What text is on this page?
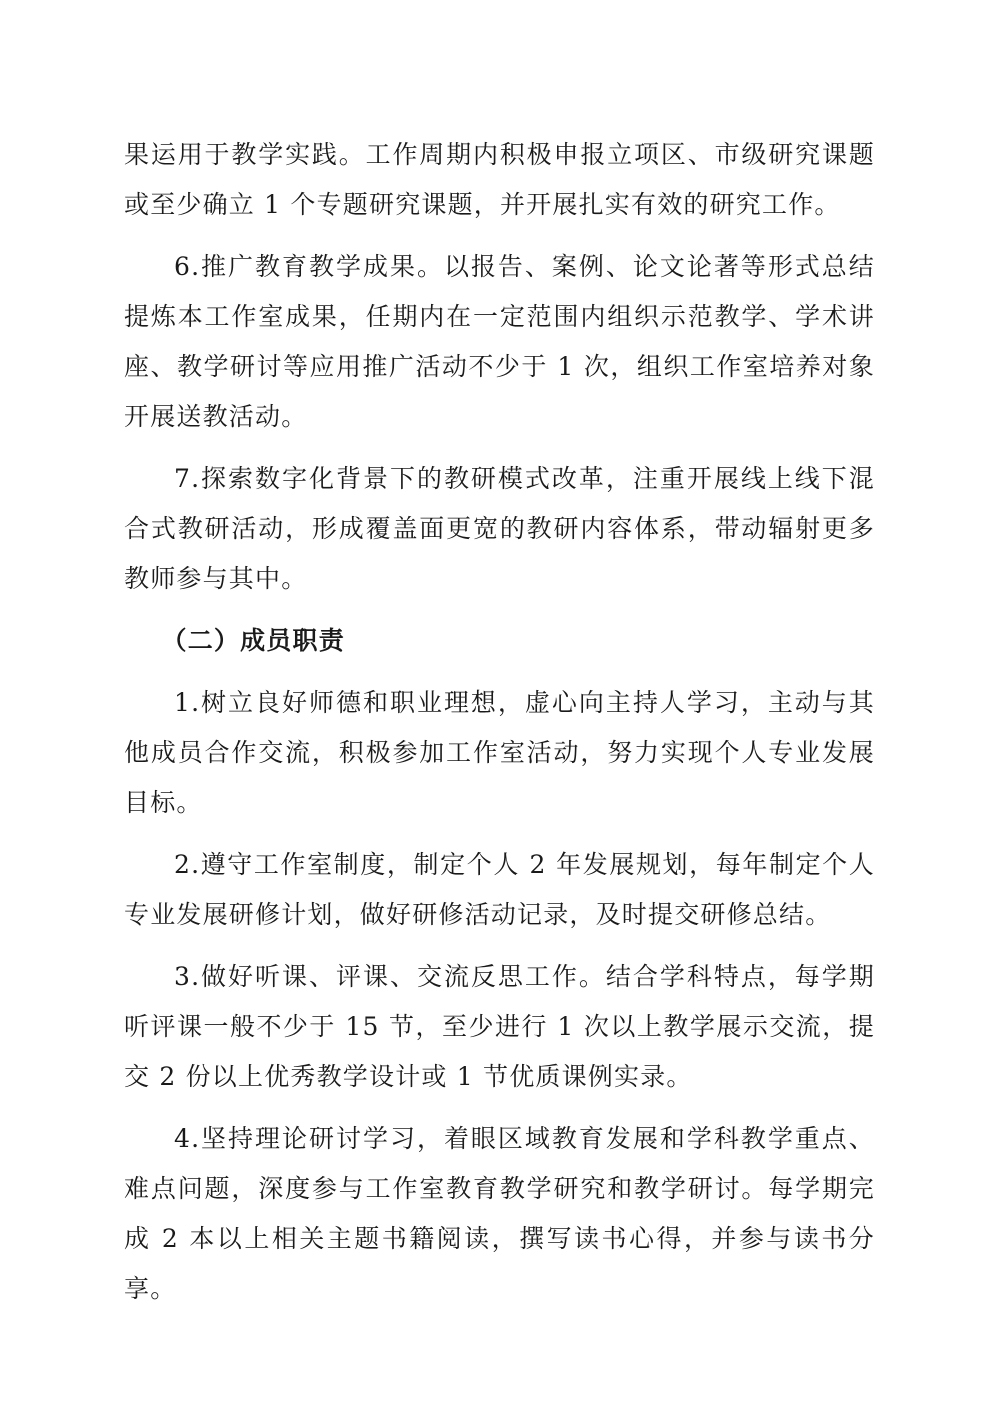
果运用于教学实践。工作周期内积极申报立项区、市级研究课题或至少确立 1 个专题研究课题，并开展扎实有效的研究工作。

6.推广教育教学成果。以报告、案例、论文论著等形式总结提炼本工作室成果，任期内在一定范围内组织示范教学、学术讲座、教学研讨等应用推广活动不少于 1 次，组织工作室培养对象开展送教活动。

7.探索数字化背景下的教研模式改革，注重开展线上线下混合式教研活动，形成覆盖面更宽的教研内容体系，带动辐射更多教师参与其中。

（二）成员职责

1.树立良好师德和职业理想，虚心向主持人学习，主动与其他成员合作交流，积极参加工作室活动，努力实现个人专业发展目标。

2.遵守工作室制度，制定个人 2 年发展规划，每年制定个人专业发展研修计划，做好研修活动记录，及时提交研修总结。

3.做好听课、评课、交流反思工作。结合学科特点，每学期听评课一般不少于 15 节，至少进行 1 次以上教学展示交流，提交 2 份以上优秀教学设计或 1 节优质课例实录。

4.坚持理论研讨学习，着眼区域教育发展和学科教学重点、难点问题，深度参与工作室教育教学研究和教学研讨。每学期完成 2 本以上相关主题书籍阅读，撰写读书心得，并参与读书分享。
